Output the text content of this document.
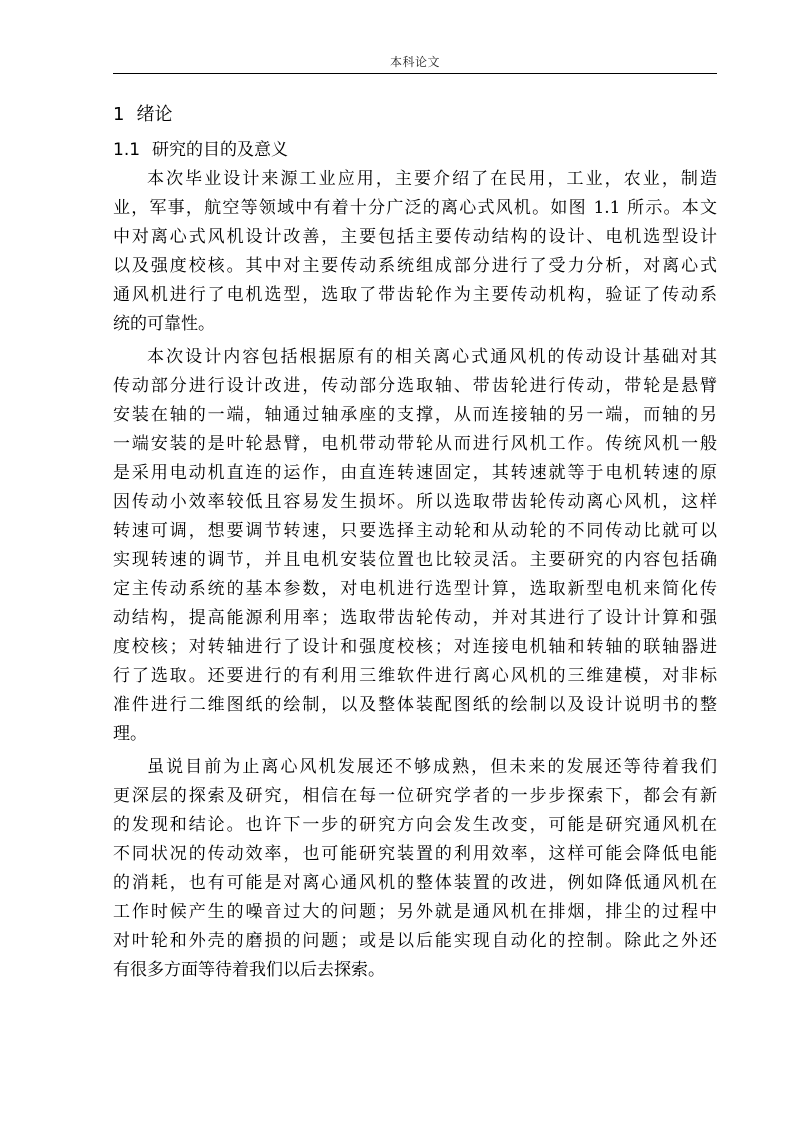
本科论文
1 绪论
1.1 研究的目的及意义
本次毕业设计来源工业应用，主要介绍了在民用，工业，农业，制造
业，军事，航空等领域中有着十分广泛的离心式风机。如图 1.1 所示。本文
中对离心式风机设计改善，主要包括主要传动结构的设计、电机选型设计
以及强度校核。其中对主要传动系统组成部分进行了受力分析，对离心式
通风机进行了电机选型，选取了带齿轮作为主要传动机构，验证了传动系
统的可靠性。
本次设计内容包括根据原有的相关离心式通风机的传动设计基础对其
传动部分进行设计改进，传动部分选取轴、带齿轮进行传动，带轮是悬臂
安装在轴的一端，轴通过轴承座的支撑，从而连接轴的另一端，而轴的另
一端安装的是叶轮悬臂，电机带动带轮从而进行风机工作。传统风机一般
是采用电动机直连的运作，由直连转速固定，其转速就等于电机转速的原
因传动小效率较低且容易发生损坏。所以选取带齿轮传动离心风机，这样
转速可调，想要调节转速，只要选择主动轮和从动轮的不同传动比就可以
实现转速的调节，并且电机安装位置也比较灵活。主要研究的内容包括确
定主传动系统的基本参数，对电机进行选型计算，选取新型电机来简化传
动结构，提高能源利用率；选取带齿轮传动，并对其进行了设计计算和强
度校核；对转轴进行了设计和强度校核；对连接电机轴和转轴的联轴器进
行了选取。还要进行的有利用三维软件进行离心风机的三维建模，对非标
准件进行二维图纸的绘制，以及整体装配图纸的绘制以及设计说明书的整
理。
虽说目前为止离心风机发展还不够成熟，但未来的发展还等待着我们
更深层的探索及研究，相信在每一位研究学者的一步步探索下，都会有新
的发现和结论。也许下一步的研究方向会发生改变，可能是研究通风机在
不同状况的传动效率，也可能研究装置的利用效率，这样可能会降低电能
的消耗，也有可能是对离心通风机的整体装置的改进，例如降低通风机在
工作时候产生的噪音过大的问题；另外就是通风机在排烟，排尘的过程中
对叶轮和外壳的磨损的问题；或是以后能实现自动化的控制。除此之外还
有很多方面等待着我们以后去探索。
